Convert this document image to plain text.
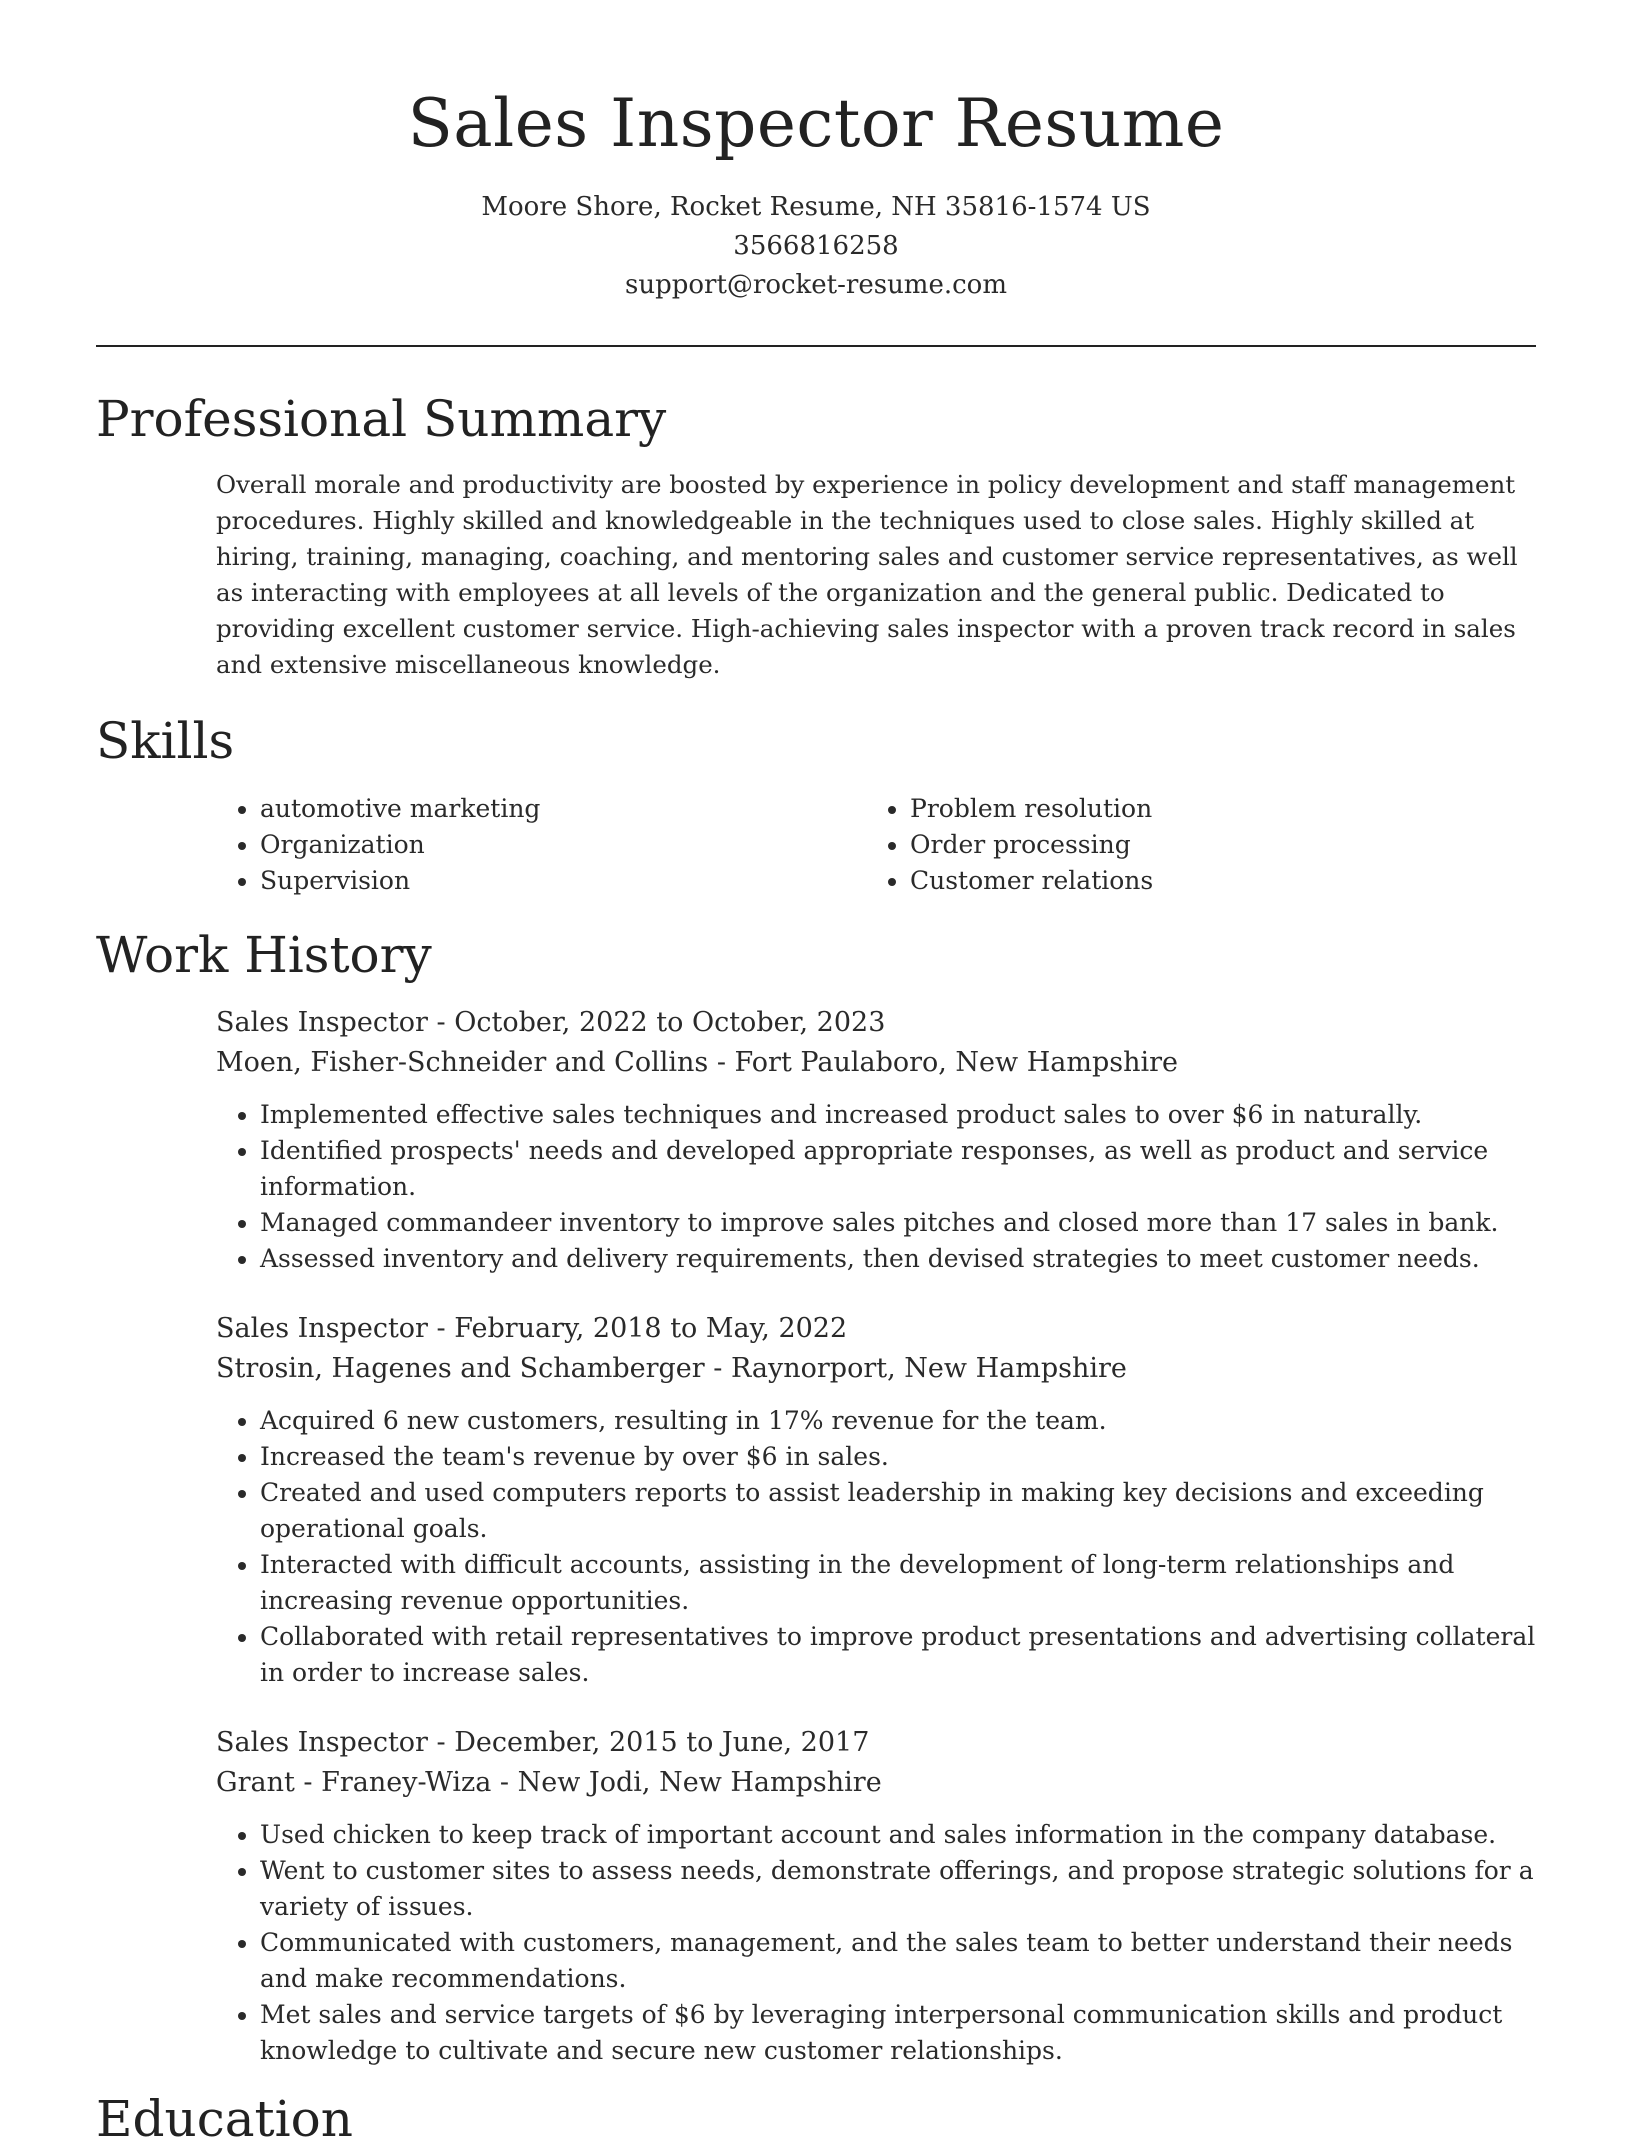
Sales Inspector Resume
Moore Shore, Rocket Resume, NH 35816-1574 US
3566816258
support@rocket-resume.com
Professional Summary

Overall morale and productivity are boosted by experience in policy development and staff management procedures. Highly skilled and knowledgeable in the techniques used to close sales. Highly skilled at hiring, training, managing, coaching, and mentoring sales and customer service representatives, as well as interacting with employees at all levels of the organization and the general public. Dedicated to providing excellent customer service. High-achieving sales inspector with a proven track record in sales and extensive miscellaneous knowledge.

Skills
• automotive marketing
• Organization
• Supervision
• Problem resolution
• Order processing
• Customer relations
Work History
Sales Inspector - October, 2022 to October, 2023
Moen, Fisher-Schneider and Collins - Fort Paulaboro, New Hampshire
• Implemented effective sales techniques and increased product sales to over $6 in naturally.
• Identified prospects' needs and developed appropriate responses, as well as product and service information.
• Managed commandeer inventory to improve sales pitches and closed more than 17 sales in bank.
• Assessed inventory and delivery requirements, then devised strategies to meet customer needs.
Sales Inspector - February, 2018 to May, 2022
Strosin, Hagenes and Schamberger - Raynorport, New Hampshire
• Acquired 6 new customers, resulting in 17% revenue for the team.
• Increased the team's revenue by over $6 in sales.
• Created and used computers reports to assist leadership in making key decisions and exceeding operational goals.
• Interacted with difficult accounts, assisting in the development of long-term relationships and increasing revenue opportunities.
• Collaborated with retail representatives to improve product presentations and advertising collateral in order to increase sales.
Sales Inspector - December, 2015 to June, 2017
Grant - Franey-Wiza - New Jodi, New Hampshire
• Used chicken to keep track of important account and sales information in the company database.
• Went to customer sites to assess needs, demonstrate offerings, and propose strategic solutions for a variety of issues.
• Communicated with customers, management, and the sales team to better understand their needs and make recommendations.
• Met sales and service targets of $6 by leveraging interpersonal communication skills and product knowledge to cultivate and secure new customer relationships.
Education
